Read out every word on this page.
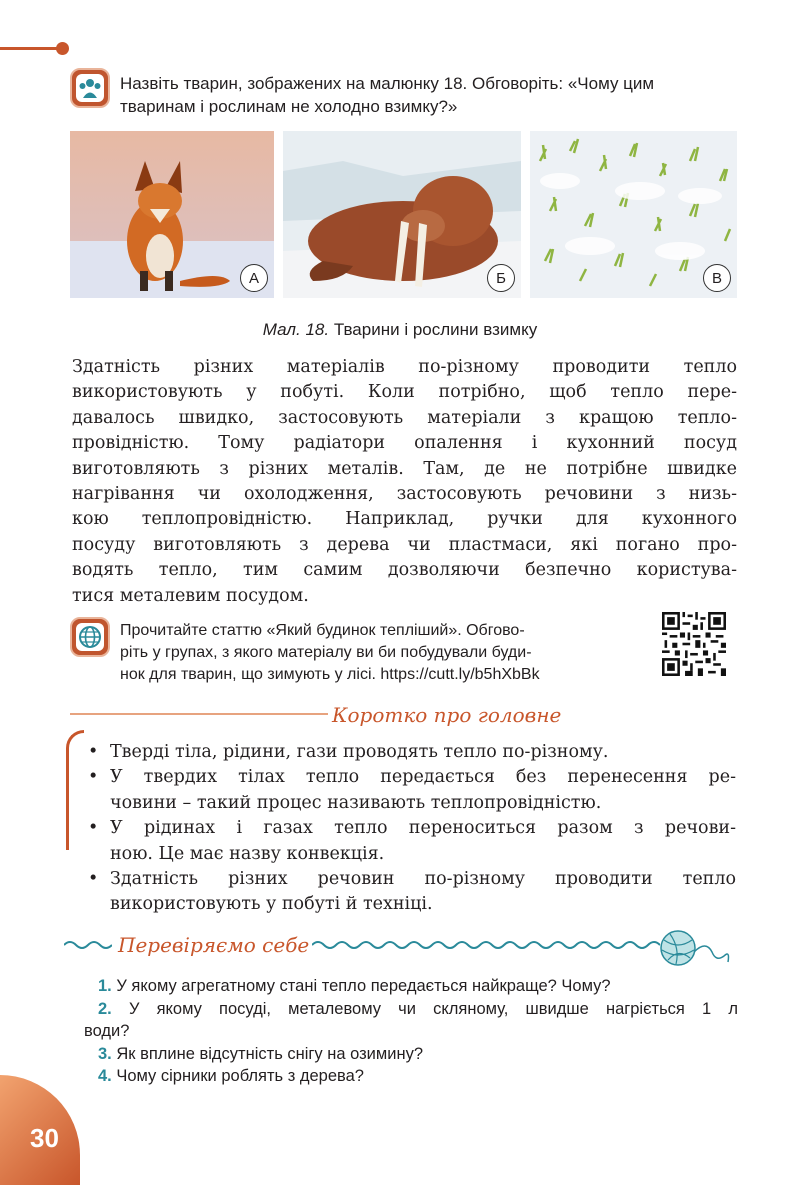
Назвіть тварин, зображених на малюнку 18. Обговоріть: «Чому цим
тваринам і рослинам не холодно взимку?»
А	Б	В
Мал. 18. Тварини і рослини взимку
Здатність різних матеріалів по-різному проводити тепло
використовують у побуті. Коли потрібно, щоб тепло пере-
давалось швидко, застосовують матеріали з кращою тепло-
провідністю. Тому радіатори опалення і кухонний посуд
виготовляють з різних металів. Там, де не потрібне швидке
нагрівання чи охолодження, застосовують речовини з низь-
кою теплопровідністю. Наприклад, ручки для кухонного
посуду виготовляють з дерева чи пластмаси, які погано про-
водять тепло, тим самим дозволяючи безпечно користува-
тися металевим посудом.
Прочитайте статтю «Який будинок тепліший». Обгово-
ріть у групах, з якого матеріалу ви би побудували буди-
нок для тварин, що зимують у лісі. https://cutt.ly/b5hXbBk
Коротко про головне
• Тверді тіла, рідини, гази проводять тепло по-різному.
• У твердих тілах тепло передається без перенесення ре-
човини – такий процес називають теплопровідністю.
• У рідинах і газах тепло переноситься разом з речови-
ною. Це має назву конвекція.
• Здатність різних речовин по-різному проводити тепло
використовують у побуті й техніці.
Перевіряємо себе
1. У якому агрегатному стані тепло передається найкраще? Чому?
2. У якому посуді, металевому чи скляному, швидше нагріється 1 л
води?
3. Як вплине відсутність снігу на озимину?
4. Чому сірники роблять з дерева?
30
